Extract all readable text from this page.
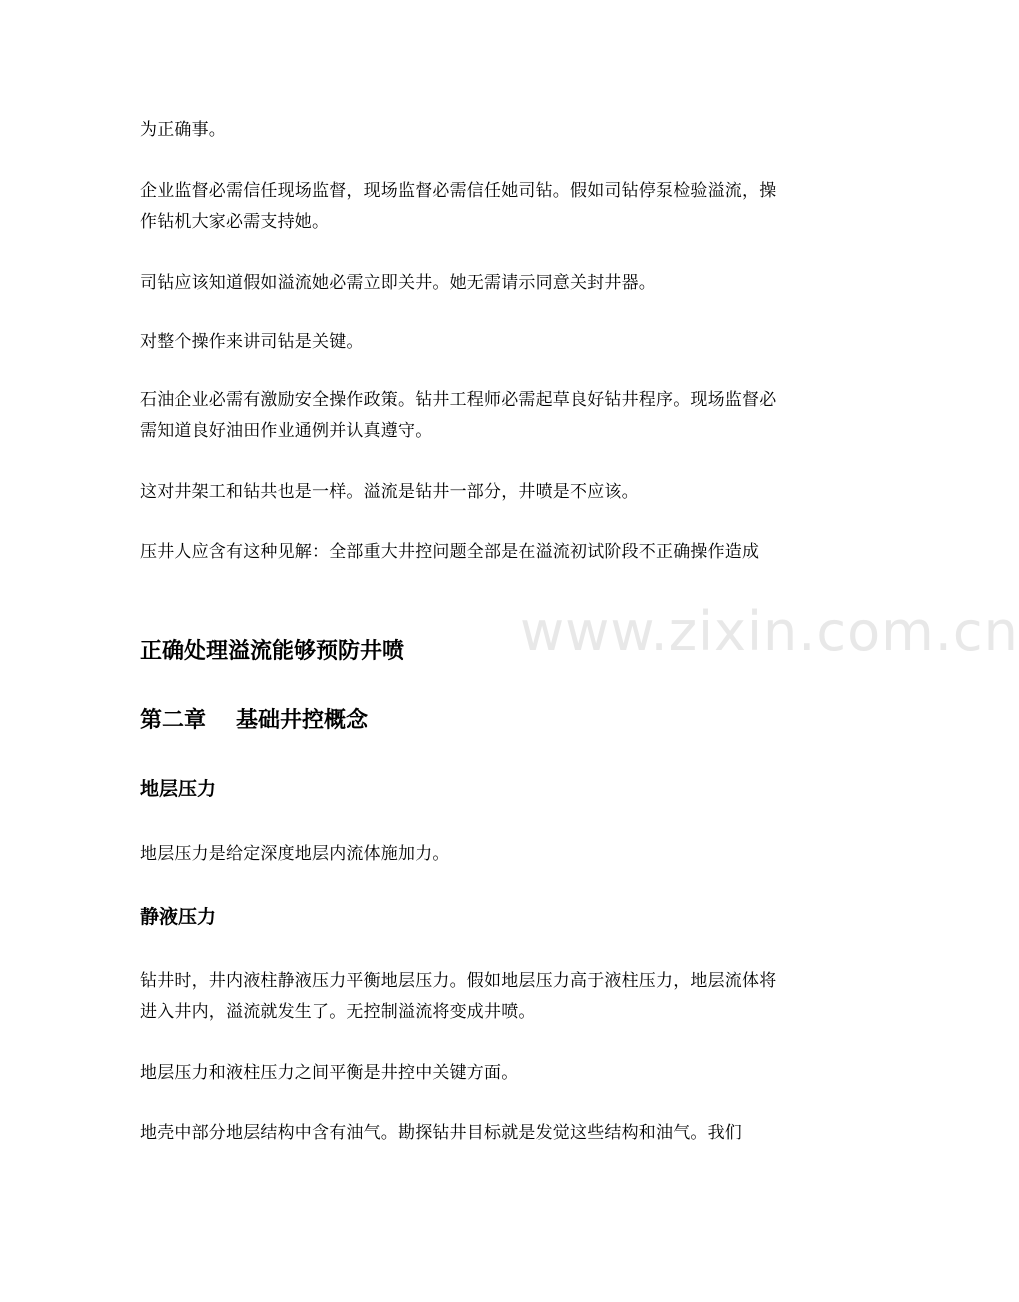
www.zixin.com.cn

为正确事。

企业监督必需信任现场监督，现场监督必需信任她司钻。假如司钻停泵检验溢流，操作钻机大家必需支持她。

司钻应该知道假如溢流她必需立即关井。她无需请示同意关封井器。

对整个操作来讲司钻是关键。

石油企业必需有激励安全操作政策。钻井工程师必需起草良好钻井程序。现场监督必需知道良好油田作业通例并认真遵守。

这对井架工和钻共也是一样。溢流是钻井一部分，井喷是不应该。

压井人应含有这种见解：全部重大井控问题全部是在溢流初试阶段不正确操作造成

正确处理溢流能够预防井喷
第二章 基础井控概念
地层压力

地层压力是给定深度地层内流体施加力。

静液压力

钻井时，井内液柱静液压力平衡地层压力。假如地层压力高于液柱压力，地层流体将进入井内，溢流就发生了。无控制溢流将变成井喷。

地层压力和液柱压力之间平衡是井控中关键方面。

地壳中部分地层结构中含有油气。勘探钻井目标就是发觉这些结构和油气。我们
